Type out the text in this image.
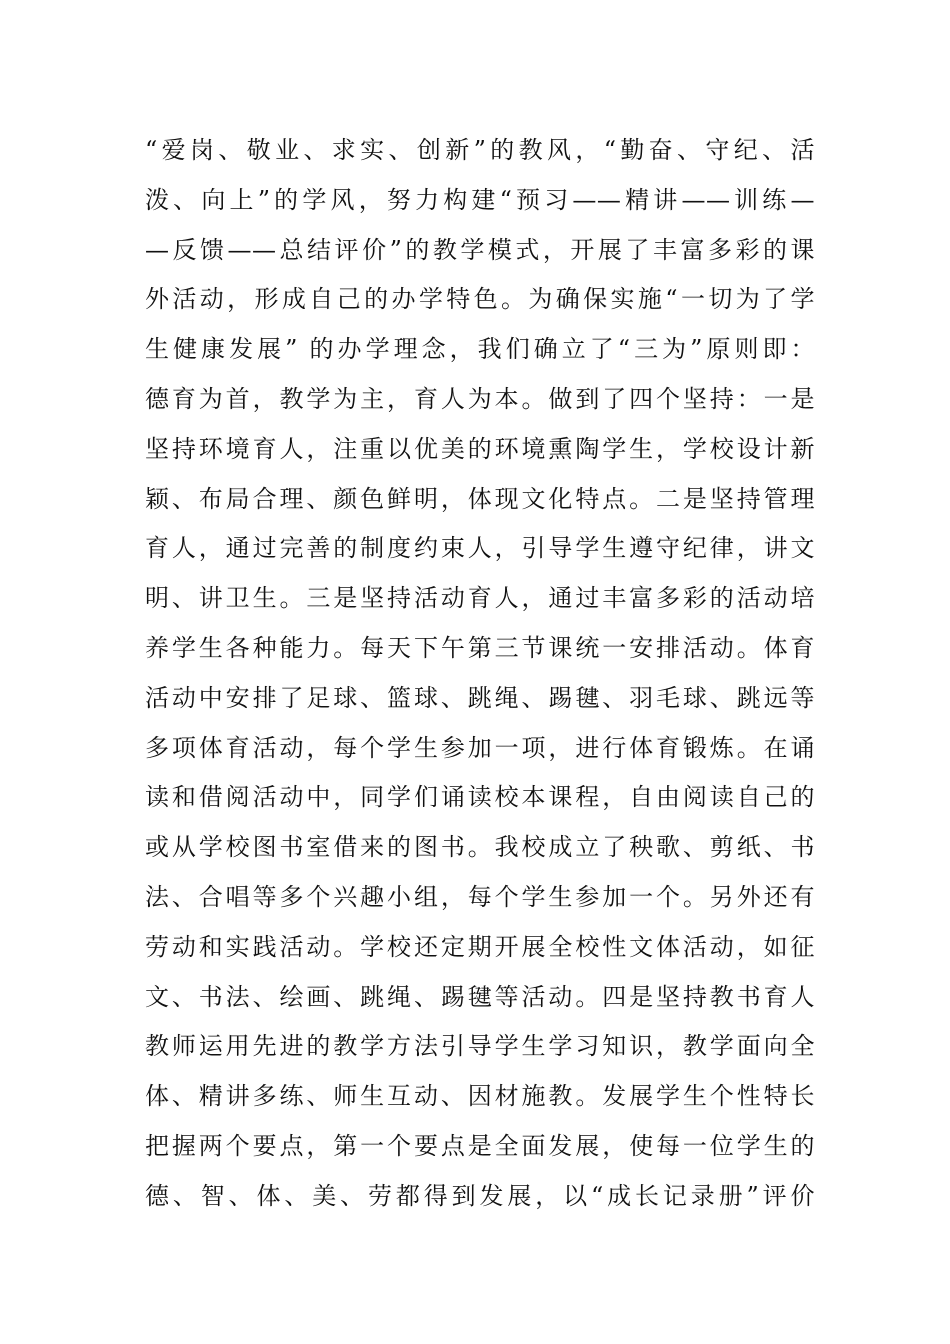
“爱岗、敬业、求实、创新”的教风，“勤奋、守纪、活
泼、向上”的学风，努力构建“预习——精讲——训练—
—反馈——总结评价”的教学模式，开展了丰富多彩的课
外活动，形成自己的办学特色。为确保实施“一切为了学
生健康发展” 的办学理念，我们确立了“三为”原则即：
德育为首，教学为主，育人为本。做到了四个坚持：一是
坚持环境育人，注重以优美的环境熏陶学生，学校设计新
颖、布局合理、颜色鲜明，体现文化特点。二是坚持管理
育人，通过完善的制度约束人，引导学生遵守纪律，讲文
明、讲卫生。三是坚持活动育人，通过丰富多彩的活动培
养学生各种能力。每天下午第三节课统一安排活动。体育
活动中安排了足球、篮球、跳绳、踢毽、羽毛球、跳远等
多项体育活动，每个学生参加一项，进行体育锻炼。在诵
读和借阅活动中，同学们诵读校本课程，自由阅读自己的
或从学校图书室借来的图书。我校成立了秧歌、剪纸、书
法、合唱等多个兴趣小组，每个学生参加一个。另外还有
劳动和实践活动。学校还定期开展全校性文体活动，如征
文、书法、绘画、跳绳、踢毽等活动。四是坚持教书育人
教师运用先进的教学方法引导学生学习知识，教学面向全
体、精讲多练、师生互动、因材施教。发展学生个性特长
把握两个要点，第一个要点是全面发展，使每一位学生的
德、智、体、美、劳都得到发展，以“成长记录册”评价
